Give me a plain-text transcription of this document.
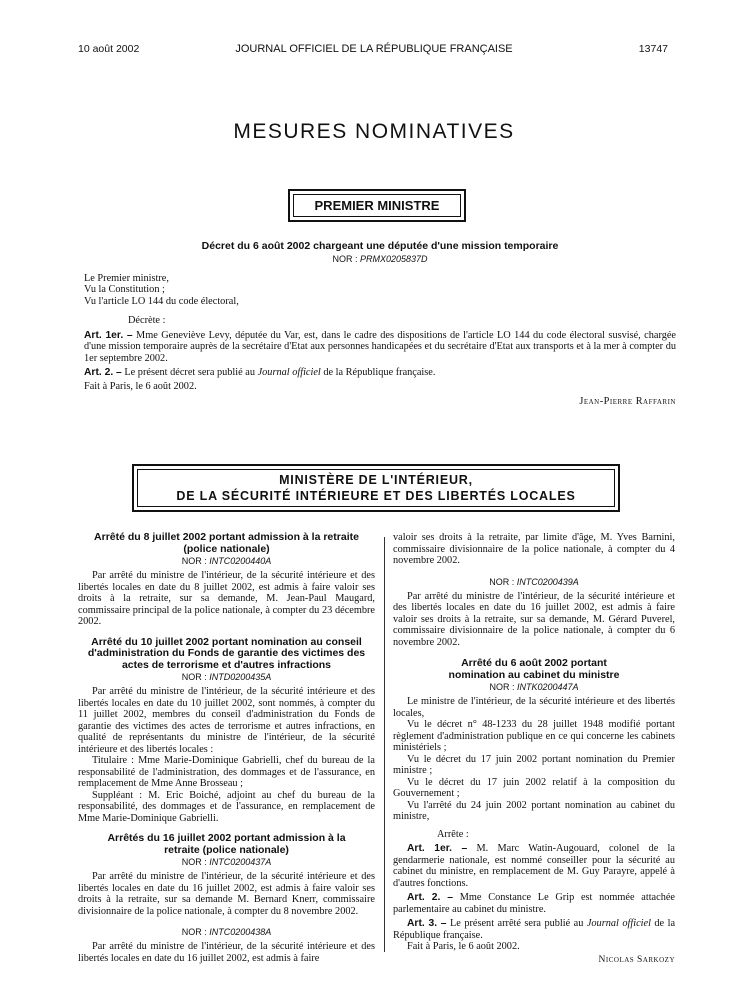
10 août 2002	JOURNAL OFFICIEL DE LA RÉPUBLIQUE FRANÇAISE	13747
MESURES NOMINATIVES
PREMIER MINISTRE

Décret du 6 août 2002 chargeant une députée d'une mission temporaire

NOR : PRMX0205837D

Le Premier ministre,

Vu la Constitution ;

Vu l'article LO 144 du code électoral,

Décrète :

Art. 1er. – Mme Geneviève Levy, députée du Var, est, dans le cadre des dispositions de l'article LO 144 du code électoral susvisé, chargée d'une mission temporaire auprès de la secrétaire d'Etat aux personnes handicapées et du secrétaire d'Etat aux transports et à la mer à compter du 1er septembre 2002.

Art. 2. – Le présent décret sera publié au Journal officiel de la République française.

Fait à Paris, le 6 août 2002.

Jean-Pierre Raffarin

MINISTÈRE DE L'INTÉRIEUR,
DE LA SÉCURITÉ INTÉRIEURE ET DES LIBERTÉS LOCALES

Arrêté du 8 juillet 2002 portant admission à la retraite (police nationale)

NOR : INTC0200440A

Par arrêté du ministre de l'intérieur, de la sécurité intérieure et des libertés locales en date du 8 juillet 2002, est admis à faire valoir ses droits à la retraite, sur sa demande, M. Jean-Paul Maugard, commissaire principal de la police nationale, à compter du 23 décembre 2002.

Arrêté du 10 juillet 2002 portant nomination au conseil d'administration du Fonds de garantie des victimes des actes de terrorisme et d'autres infractions

NOR : INTD0200435A

Par arrêté du ministre de l'intérieur, de la sécurité intérieure et des libertés locales en date du 10 juillet 2002, sont nommés, à compter du 11 juillet 2002, membres du conseil d'administration du Fonds de garantie des victimes des actes de terrorisme et autres infractions, en qualité de représentants du ministre de l'intérieur, de la sécurité intérieure et des libertés locales :

Titulaire : Mme Marie-Dominique Gabrielli, chef du bureau de la responsabilité de l'administration, des dommages et de l'assurance, en remplacement de Mme Anne Brosseau ;

Suppléant : M. Eric Boiché, adjoint au chef du bureau de la responsabilité, des dommages et de l'assurance, en remplacement de Mme Marie-Dominique Gabrielli.

Arrêtés du 16 juillet 2002 portant admission à la retraite (police nationale)

NOR : INTC0200437A

Par arrêté du ministre de l'intérieur, de la sécurité intérieure et des libertés locales en date du 16 juillet 2002, est admis à faire valoir ses droits à la retraite, sur sa demande M. Bernard Knerr, commissaire divisionnaire de la police nationale, à compter du 8 novembre 2002.

NOR : INTC0200438A

Par arrêté du ministre de l'intérieur, de la sécurité intérieure et des libertés locales en date du 16 juillet 2002, est admis à faire

valoir ses droits à la retraite, par limite d'âge, M. Yves Barnini, commissaire divisionnaire de la police nationale, à compter du 4 novembre 2002.

NOR : INTC0200439A

Par arrêté du ministre de l'intérieur, de la sécurité intérieure et des libertés locales en date du 16 juillet 2002, est admis à faire valoir ses droits à la retraite, sur sa demande, M. Gérard Puverel, commissaire divisionnaire de la police nationale, à compter du 6 novembre 2002.

Arrêté du 6 août 2002 portant nomination au cabinet du ministre

NOR : INTK0200447A

Le ministre de l'intérieur, de la sécurité intérieure et des libertés locales,

Vu le décret n° 48-1233 du 28 juillet 1948 modifié portant règlement d'administration publique en ce qui concerne les cabinets ministériels ;

Vu le décret du 17 juin 2002 portant nomination du Premier ministre ;

Vu le décret du 17 juin 2002 relatif à la composition du Gouvernement ;

Vu l'arrêté du 24 juin 2002 portant nomination au cabinet du ministre,

Arrête :

Art. 1er. – M. Marc Watin-Augouard, colonel de la gendarmerie nationale, est nommé conseiller pour la sécurité au cabinet du ministre, en remplacement de M. Guy Parayre, appelé à d'autres fonctions.

Art. 2. – Mme Constance Le Grip est nommée attachée parlementaire au cabinet du ministre.

Art. 3. – Le présent arrêté sera publié au Journal officiel de la République française.

Fait à Paris, le 6 août 2002.

Nicolas Sarkozy
